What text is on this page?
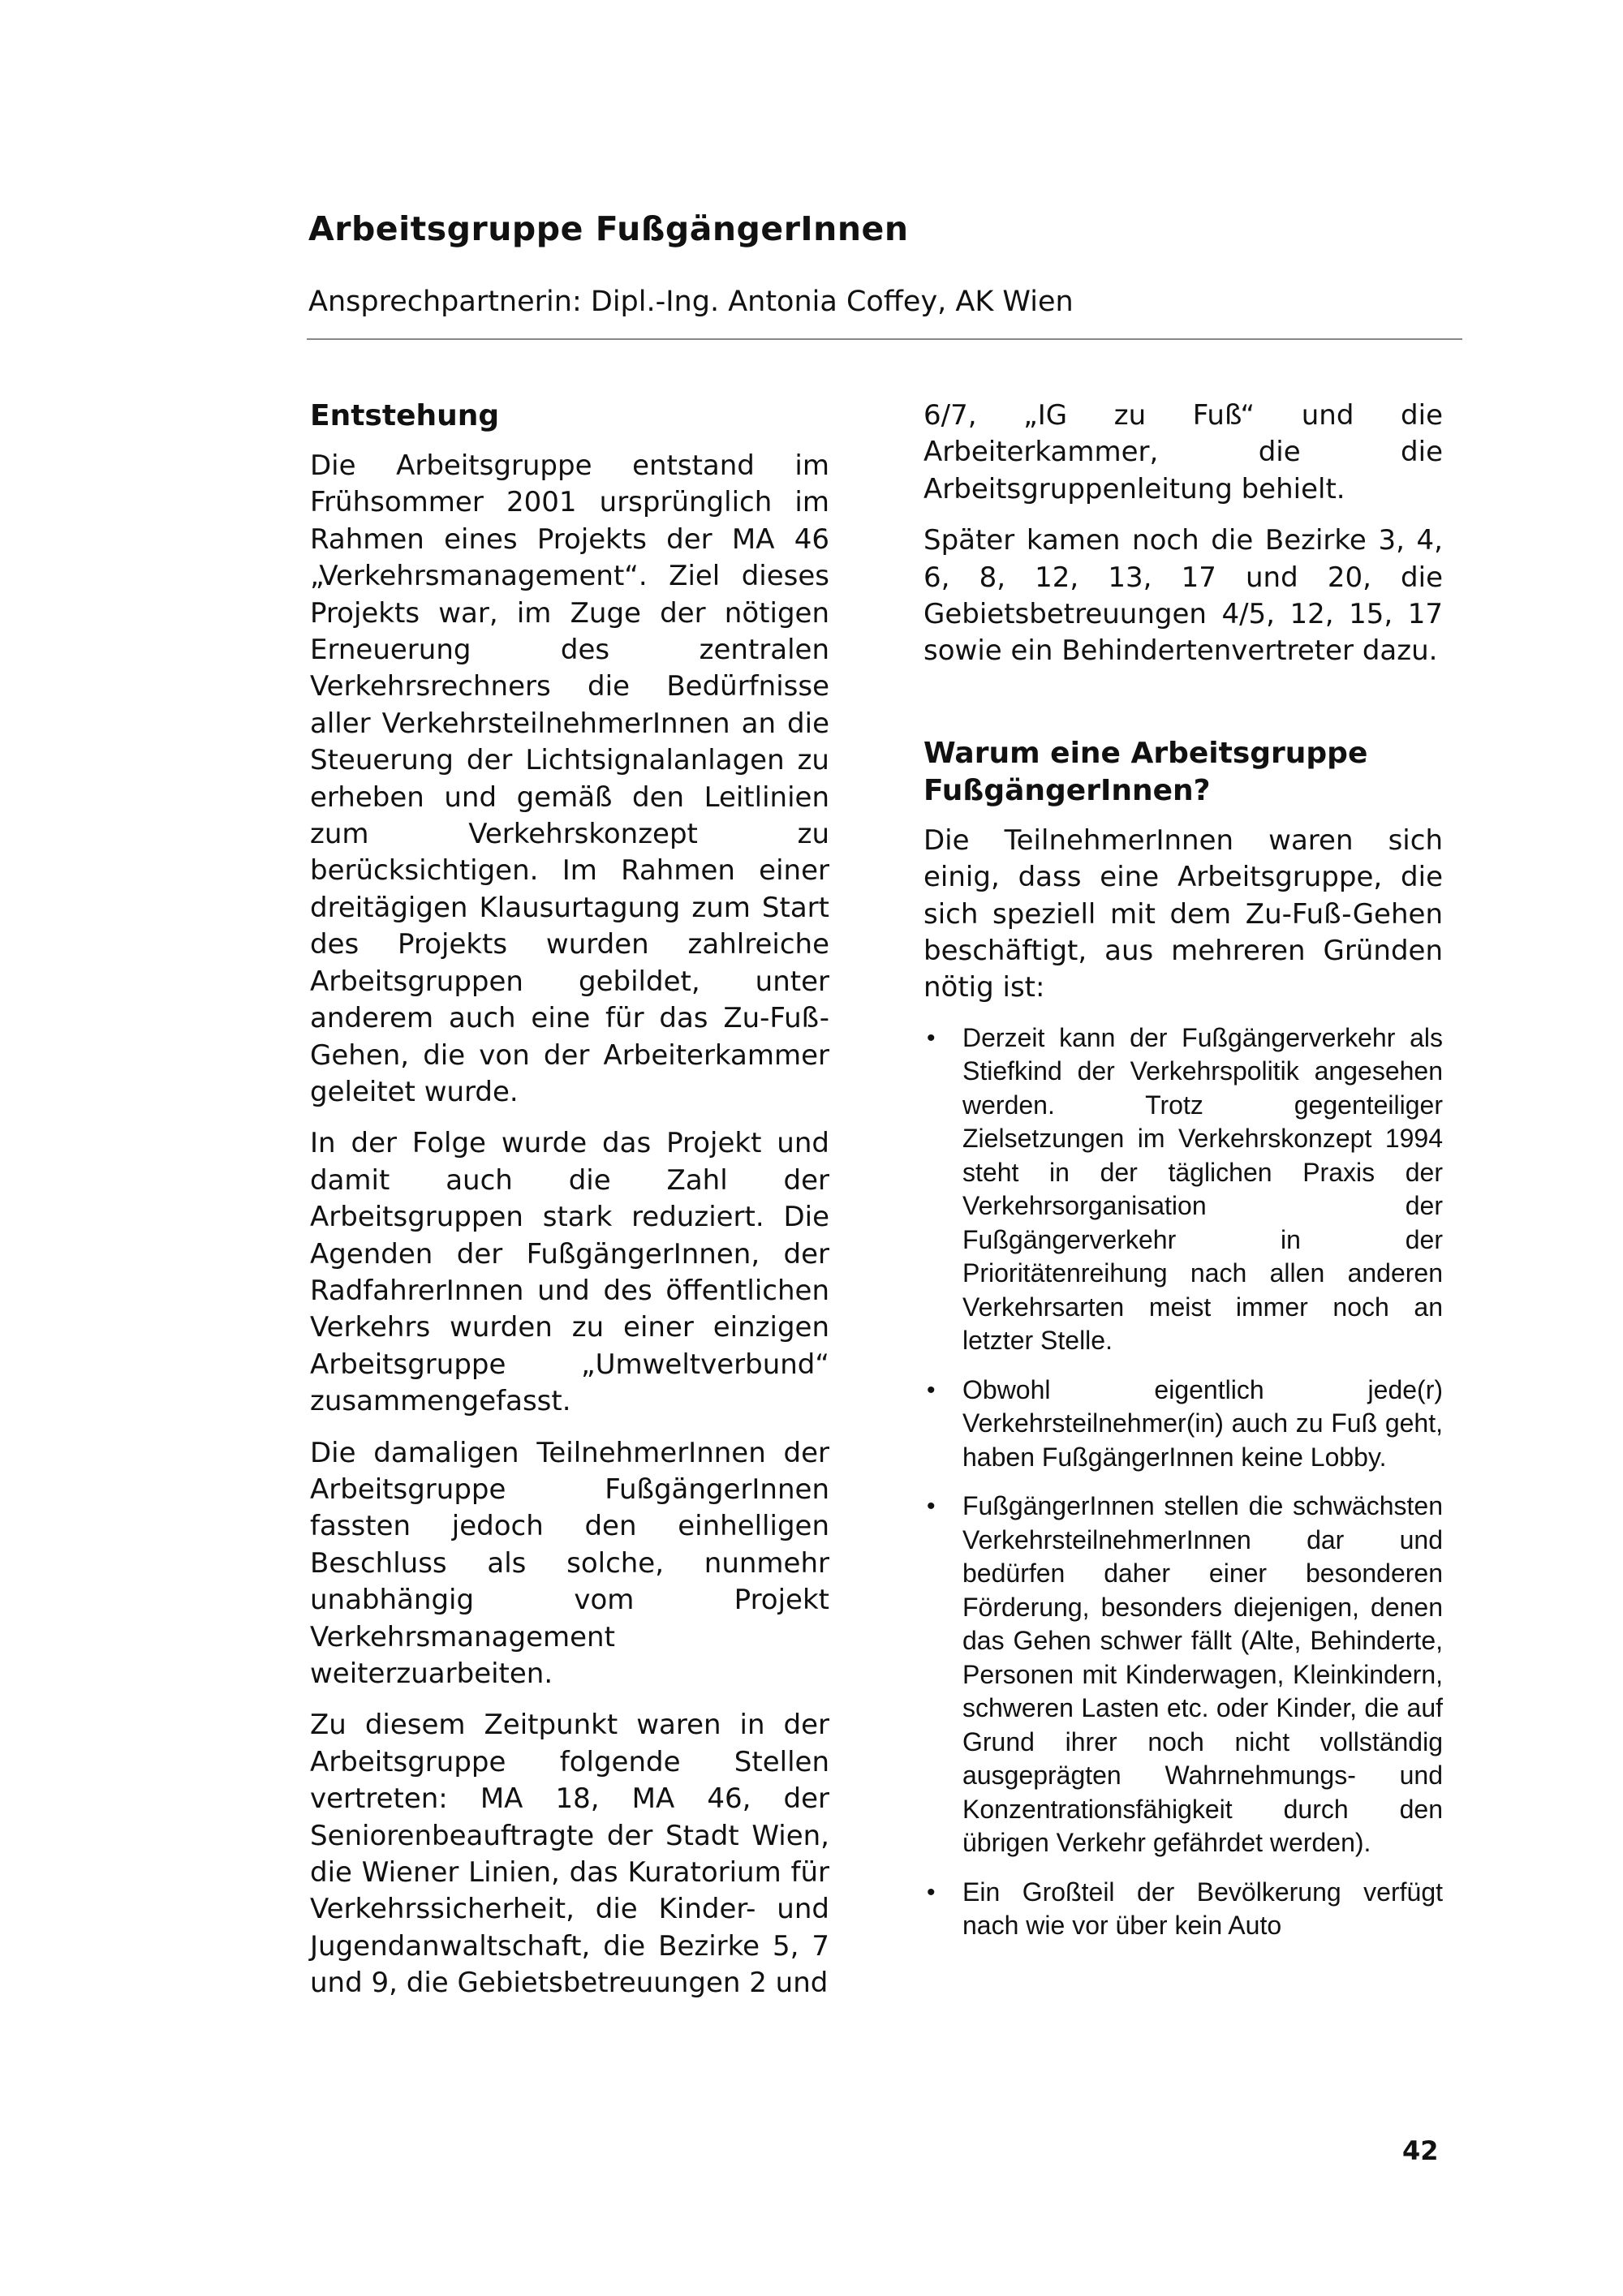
Arbeitsgruppe FußgängerInnen

Ansprechpartnerin: Dipl.-Ing. Antonia Coffey, AK Wien

Entstehung

Die Arbeitsgruppe entstand im Frühsommer 2001 ursprünglich im Rahmen eines Projekts der MA 46 „Verkehrsmanagement“. Ziel dieses Projekts war, im Zuge der nötigen Erneuerung des zentralen Verkehrsrechners die Bedürfnisse aller VerkehrsteilnehmerInnen an die Steuerung der Lichtsignalanlagen zu erheben und gemäß den Leitlinien zum Verkehrskonzept zu berücksichtigen. Im Rahmen einer dreitägigen Klausurtagung zum Start des Projekts wurden zahlreiche Arbeitsgruppen gebildet, unter anderem auch eine für das Zu-Fuß-Gehen, die von der Arbeiterkammer geleitet wurde.

In der Folge wurde das Projekt und damit auch die Zahl der Arbeitsgruppen stark reduziert. Die Agenden der FußgängerInnen, der RadfahrerInnen und des öffentlichen Verkehrs wurden zu einer einzigen Arbeitsgruppe „Umweltverbund“ zusammengefasst.

Die damaligen TeilnehmerInnen der Arbeitsgruppe FußgängerInnen fassten jedoch den einhelligen Beschluss als solche, nunmehr unabhängig vom Projekt Verkehrsmanagement weiterzuarbeiten.

Zu diesem Zeitpunkt waren in der Arbeitsgruppe folgende Stellen vertreten: MA 18, MA 46, der Seniorenbeauftragte der Stadt Wien, die Wiener Linien, das Kuratorium für Verkehrssicherheit, die Kinder- und Jugendanwaltschaft, die Bezirke 5, 7 und 9, die Gebietsbetreuungen 2 und

6/7, „IG zu Fuß“ und die Arbeiterkammer, die die Arbeitsgruppenleitung behielt.

Später kamen noch die Bezirke 3, 4, 6, 8, 12, 13, 17 und 20, die Gebietsbetreuungen 4/5, 12, 15, 17 sowie ein Behindertenvertreter dazu.

Warum eine Arbeitsgruppe FußgängerInnen?

Die TeilnehmerInnen waren sich einig, dass eine Arbeitsgruppe, die sich speziell mit dem Zu-Fuß-Gehen beschäftigt, aus mehreren Gründen nötig ist:

• Derzeit kann der Fußgängerverkehr als Stiefkind der Verkehrspolitik angesehen werden. Trotz gegenteiliger Zielsetzungen im Verkehrskonzept 1994 steht in der täglichen Praxis der Verkehrsorganisation der Fußgängerverkehr in der Prioritätenreihung nach allen anderen Verkehrsarten meist immer noch an letzter Stelle.
• Obwohl eigentlich jede(r) Verkehrsteilnehmer(in) auch zu Fuß geht, haben FußgängerInnen keine Lobby.
• FußgängerInnen stellen die schwächsten VerkehrsteilnehmerInnen dar und bedürfen daher einer besonderen Förderung, besonders diejenigen, denen das Gehen schwer fällt (Alte, Behinderte, Personen mit Kinderwagen, Kleinkindern, schweren Lasten etc. oder Kinder, die auf Grund ihrer noch nicht vollständig ausgeprägten Wahrnehmungs- und Konzentrationsfähigkeit durch den übrigen Verkehr gefährdet werden).
• Ein Großteil der Bevölkerung verfügt nach wie vor über kein Auto

42
